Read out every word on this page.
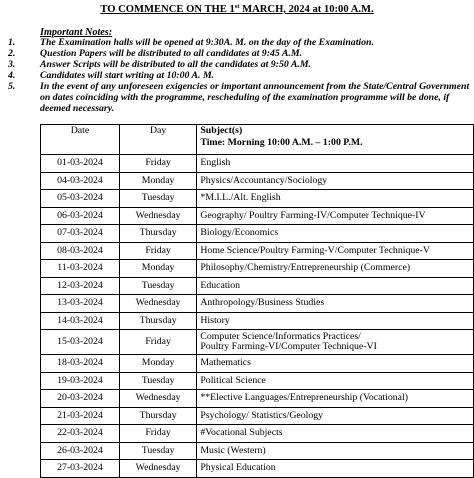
TO COMMENCE ON THE 1st MARCH, 2024 at 10:00 A.M.
Important Notes:
1.	The Examination halls will be opened at 9:30A. M. on the day of the Examination.
2.	Question Papers will be distributed to all candidates at 9:45 A.M.
3.	Answer Scripts will be distributed to all the candidates at 9:50 A.M.
4.	Candidates will start writing at 10:00 A. M.
5.	In the event of any unforeseen exigencies or important announcement from the State/Central Government on dates coinciding with the programme, rescheduling of the examination programme will be done, if deemed necessary.
Date	Day	Subject(s)
Time: Morning 10:00 A.M. – 1:00 P.M.

01-03-2024	Friday	English
04-03-2024	Monday	Physics/Accountancy/Sociology
05-03-2024	Tuesday	*M.I.L./Alt. English
06-03-2024	Wednesday	Geography/ Poultry Farming-IV/Computer Technique-IV
07-03-2024	Thursday	Biology/Economics
08-03-2024	Friday	Home Science/Poultry Farming-V/Computer Technique-V
11-03-2024	Monday	Philosophy/Chemistry/Entrepreneurship (Commerce)
12-03-2024	Tuesday	Education
13-03-2024	Wednesday	Anthropology/Business Studies
14-03-2024	Thursday	History
15-03-2024	Friday	Computer Science/Informatics Practices/
Poultry Farming-VI/Computer Technique-VI

18-03-2024	Monday	Mathematics
19-03-2024	Tuesday	Political Science
20-03-2024	Wednesday	**Elective Languages/Entrepreneurship (Vocational)
21-03-2024	Thursday	Psychology/ Statistics/Geology
22-03-2024	Friday	#Vocational Subjects
26-03-2024	Tuesday	Music (Western)
27-03-2024	Wednesday	Physical Education
